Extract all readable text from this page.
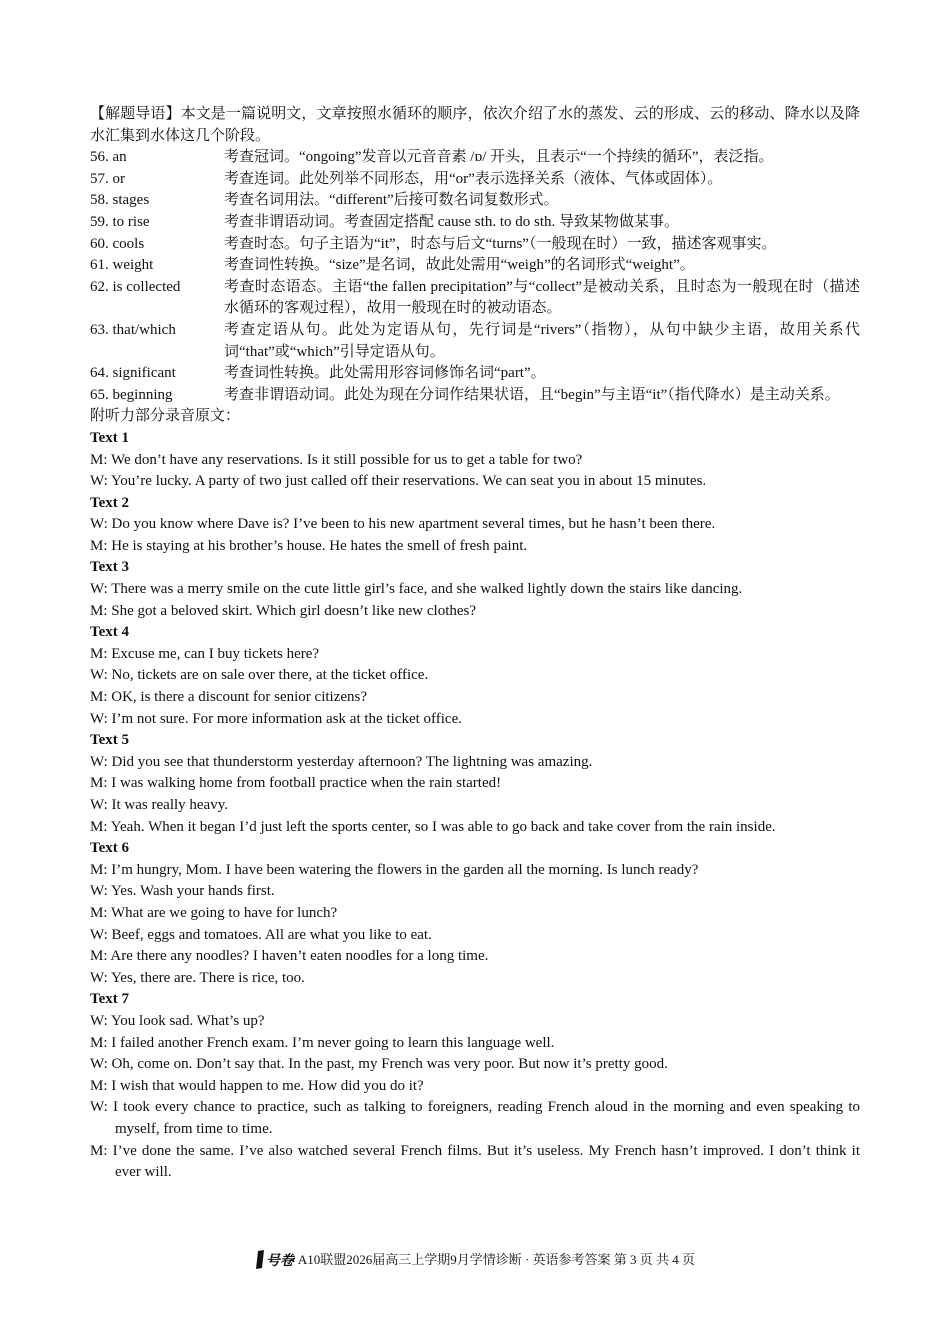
【解题导语】本文是一篇说明文，文章按照水循环的顺序，依次介绍了水的蒸发、云的形成、云的移动、降水以及降水汇集到水体这几个阶段。

56. an	考查冠词。“ongoing”发音以元音音素 /ɒ/ 开头，且表示“一个持续的循环”，表泛指。
57. or	考查连词。此处列举不同形态，用“or”表示选择关系（液体、气体或固体）。
58. stages	考查名词用法。“different”后接可数名词复数形式。
59. to rise	考查非谓语动词。考查固定搭配 cause sth. to do sth. 导致某物做某事。
60. cools	考查时态。句子主语为“it”，时态与后文“turns”（一般现在时）一致，描述客观事实。
61. weight	考查词性转换。“size”是名词，故此处需用“weigh”的名词形式“weight”。
62. is collected	考查时态语态。主语“the fallen precipitation”与“collect”是被动关系，且时态为一般现在时（描述水循环的客观过程），故用一般现在时的被动语态。
63. that/which	考查定语从句。此处为定语从句，先行词是“rivers”（指物），从句中缺少主语，故用关系代词“that”或“which”引导定语从句。
64. significant	考查词性转换。此处需用形容词修饰名词“part”。
65. beginning	考查非谓语动词。此处为现在分词作结果状语，且“begin”与主语“it”（指代降水）是主动关系。

附听力部分录音原文：

Text 1

M: We don’t have any reservations. Is it still possible for us to get a table for two?

W: You’re lucky. A party of two just called off their reservations. We can seat you in about 15 minutes.

Text 2

W: Do you know where Dave is? I’ve been to his new apartment several times, but he hasn’t been there.

M: He is staying at his brother’s house. He hates the smell of fresh paint.

Text 3

W: There was a merry smile on the cute little girl’s face, and she walked lightly down the stairs like dancing.

M: She got a beloved skirt. Which girl doesn’t like new clothes?

Text 4

M: Excuse me, can I buy tickets here?

W: No, tickets are on sale over there, at the ticket office.

M: OK, is there a discount for senior citizens?

W: I’m not sure. For more information ask at the ticket office.

Text 5

W: Did you see that thunderstorm yesterday afternoon? The lightning was amazing.

M: I was walking home from football practice when the rain started!

W: It was really heavy.

M: Yeah. When it began I’d just left the sports center, so I was able to go back and take cover from the rain inside.

Text 6

M: I’m hungry, Mom. I have been watering the flowers in the garden all the morning. Is lunch ready?

W: Yes. Wash your hands first.

M: What are we going to have for lunch?

W: Beef, eggs and tomatoes. All are what you like to eat.

M: Are there any noodles? I haven’t eaten noodles for a long time.

W: Yes, there are. There is rice, too.

Text 7

W: You look sad. What’s up?

M: I failed another French exam. I’m never going to learn this language well.

W: Oh, come on. Don’t say that. In the past, my French was very poor. But now it’s pretty good.

M: I wish that would happen to me. How did you do it?

W: I took every chance to practice, such as talking to foreigners, reading French aloud in the morning and even speaking to myself, from time to time.

M: I’ve done the same. I’ve also watched several French films. But it’s useless. My French hasn’t improved. I don’t think it ever will.

号卷
· A10联盟2026届高三上学期9月学情诊断 · 英语参考答案 第 3 页 共 4 页
